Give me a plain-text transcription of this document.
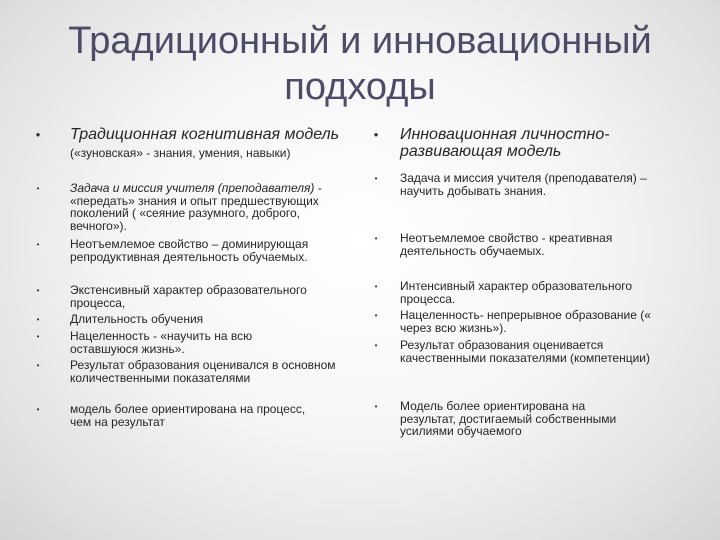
Традиционный и инновационный
подходы
•	Традиционная когнитивная модель («зуновская» - знания, умения, навыки)
•	Задача и миссия учителя (преподавателя) - «передать» знания и опыт предшествующих поколений ( «сеяние разумного, доброго, вечного»).
•	Неотъемлемое свойство – доминирующая репродуктивная деятельность обучаемых.
•	Экстенсивный характер образовательного процесса,
•	Длительность обучения
•	Нацеленность - «научить на всю оставшуюся жизнь».
•	Результат образования оценивался в основном количественными показателями
•	модель более ориентирована на процесс, чем на результат
•	Инновационная личностно-развивающая модель
•	Задача и миссия учителя (преподавателя) – научить добывать знания.
•	Неотъемлемое свойство - креативная деятельность обучаемых.
•	Интенсивный характер образовательного процесса.
•	Нацеленность- непрерывное образование (« через всю жизнь»).
•	Результат образования оценивается качественными показателями (компетенции)
•	Модель более ориентирована на результат, достигаемый собственными усилиями обучаемого
